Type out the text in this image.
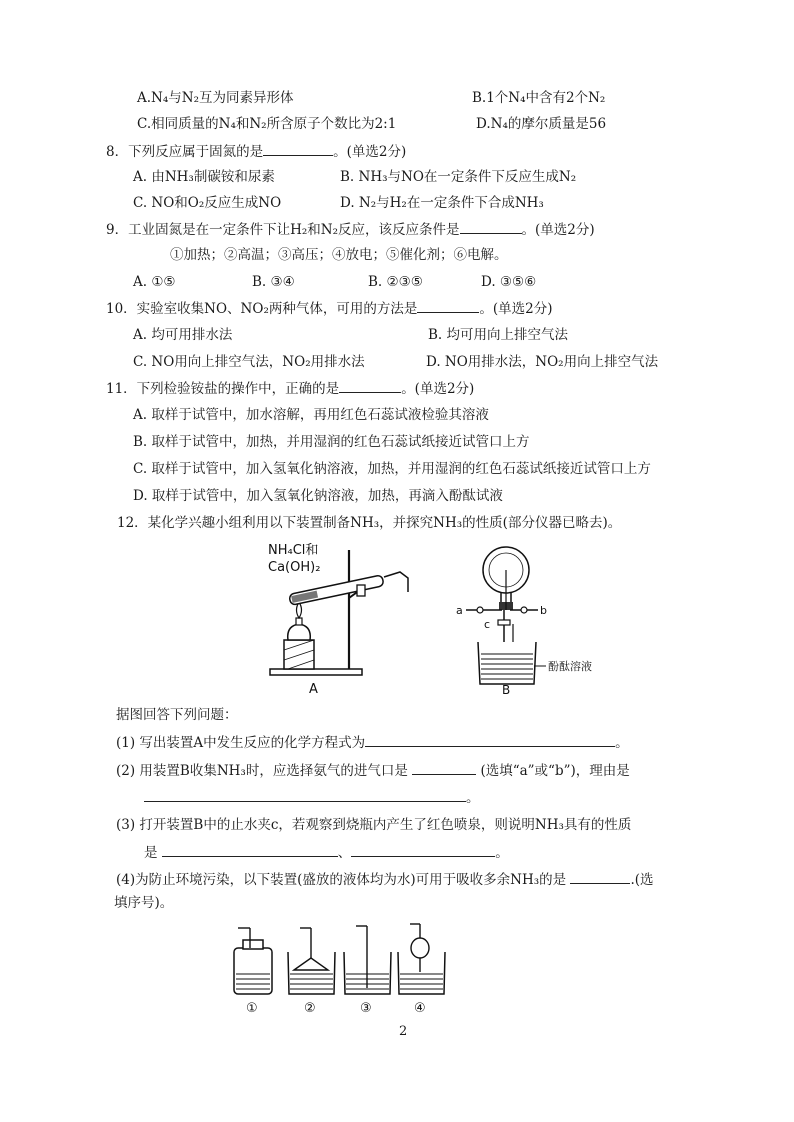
A.N₄与N₂互为同素异形体	B.1个N₄中含有2个N₂
C.相同质量的N₄和N₂所含原子个数比为2:1	D.N₄的摩尔质量是56
8．下列反应属于固氮的是	。(单选2分)
A. 由NH₃制碳铵和尿素	B. NH₃与NO在一定条件下反应生成N₂
C. NO和O₂反应生成NO	D. N₂与H₂在一定条件下合成NH₃
9．工业固氮是在一定条件下让H₂和N₂反应，该反应条件是	。(单选2分)
①加热；②高温；③高压；④放电；⑤催化剂；⑥电解。
A. ①⑤	B. ③④	B. ②③⑤	D. ③⑤⑥
10．实验室收集NO、NO₂两种气体，可用的方法是	。(单选2分)
A. 均可用排水法	B. 均可用向上排空气法
C. NO用向上排空气法，NO₂用排水法	D. NO用排水法，NO₂用向上排空气法
11．下列检验铵盐的操作中，正确的是	。(单选2分)
A. 取样于试管中，加水溶解，再用红色石蕊试液检验其溶液
B. 取样于试管中，加热，并用湿润的红色石蕊试纸接近试管口上方
C. 取样于试管中，加入氢氧化钠溶液，加热，并用湿润的红色石蕊试纸接近试管口上方
D. 取样于试管中，加入氢氧化钠溶液，加热，再滴入酚酞试液
12．某化学兴趣小组利用以下装置制备NH₃，并探究NH₃的性质(部分仪器已略去)。
NH₄Cl和
Ca(OH)₂
A
a	b
c
酚酞溶液
B
据图回答下列问题：
(1) 写出装置A中发生反应的化学方程式为	。
(2) 用装置B收集NH₃时，应选择氨气的进气口是	(选填“a”或“b”)，理由是
。
(3) 打开装置B中的止水夹c，若观察到烧瓶内产生了红色喷泉，则说明NH₃具有的性质
是	、	。
(4)为防止环境污染，以下装置(盛放的液体均为水)可用于吸收多余NH₃的是	.(选
填序号)。
①	②	③	④
2
